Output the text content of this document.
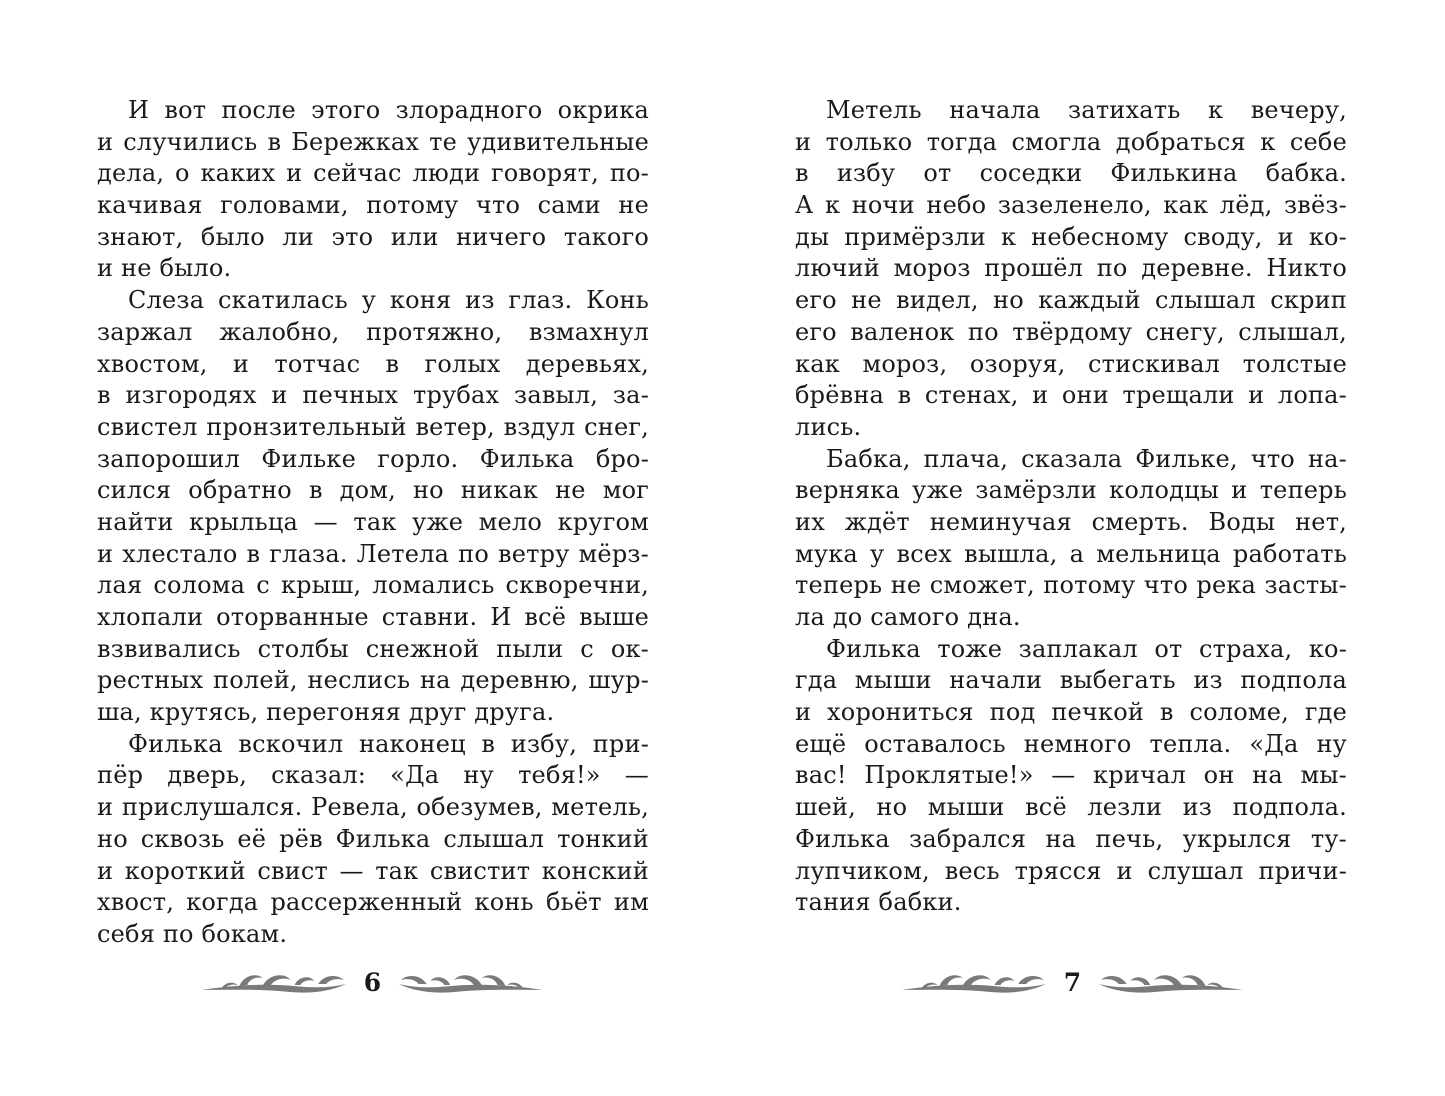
И вот после этого злорадного окрика
и случились в Бережках те удивительные
дела, о каких и сейчас люди говорят, по-
качивая головами, потому что сами не
знают, было ли это или ничего такого
и не было.
Слеза скатилась у коня из глаз. Конь
заржал жалобно, протяжно, взмахнул
хвостом, и тотчас в голых деревьях,
в изгородях и печных трубах завыл, за-
свистел пронзительный ветер, вздул снег,
запорошил Фильке горло. Филька бро-
сился обратно в дом, но никак не мог
найти крыльца — так уже мело кругом
и хлестало в глаза. Летела по ветру мёрз-
лая солома с крыш, ломались скворечни,
хлопали оторванные ставни. И всё выше
взвивались столбы снежной пыли с ок-
рестных полей, неслись на деревню, шур-
ша, крутясь, перегоняя друг друга.
Филька вскочил наконец в избу, при-
пёр дверь, сказал: «Да ну тебя!» —
и прислушался. Ревела, обезумев, метель,
но сквозь её рёв Филька слышал тонкий
и короткий свист — так свистит конский
хвост, когда рассерженный конь бьёт им
себя по бокам.
Метель начала затихать к вечеру,
и только тогда смогла добраться к себе
в избу от соседки Филькина бабка.
А к ночи небо зазеленело, как лёд, звёз-
ды примёрзли к небесному своду, и ко-
лючий мороз прошёл по деревне. Никто
его не видел, но каждый слышал скрип
его валенок по твёрдому снегу, слышал,
как мороз, озоруя, стискивал толстые
брёвна в стенах, и они трещали и лопа-
лись.
Бабка, плача, сказала Фильке, что на-
верняка уже замёрзли колодцы и теперь
их ждёт неминучая смерть. Воды нет,
мука у всех вышла, а мельница работать
теперь не сможет, потому что река засты-
ла до самого дна.
Филька тоже заплакал от страха, ко-
гда мыши начали выбегать из подпола
и хорониться под печкой в соломе, где
ещё оставалось немного тепла. «Да ну
вас! Проклятые!» — кричал он на мы-
шей, но мыши всё лезли из подпола.
Филька забрался на печь, укрылся ту-
лупчиком, весь трясся и слушал причи-
тания бабки.
6	7
